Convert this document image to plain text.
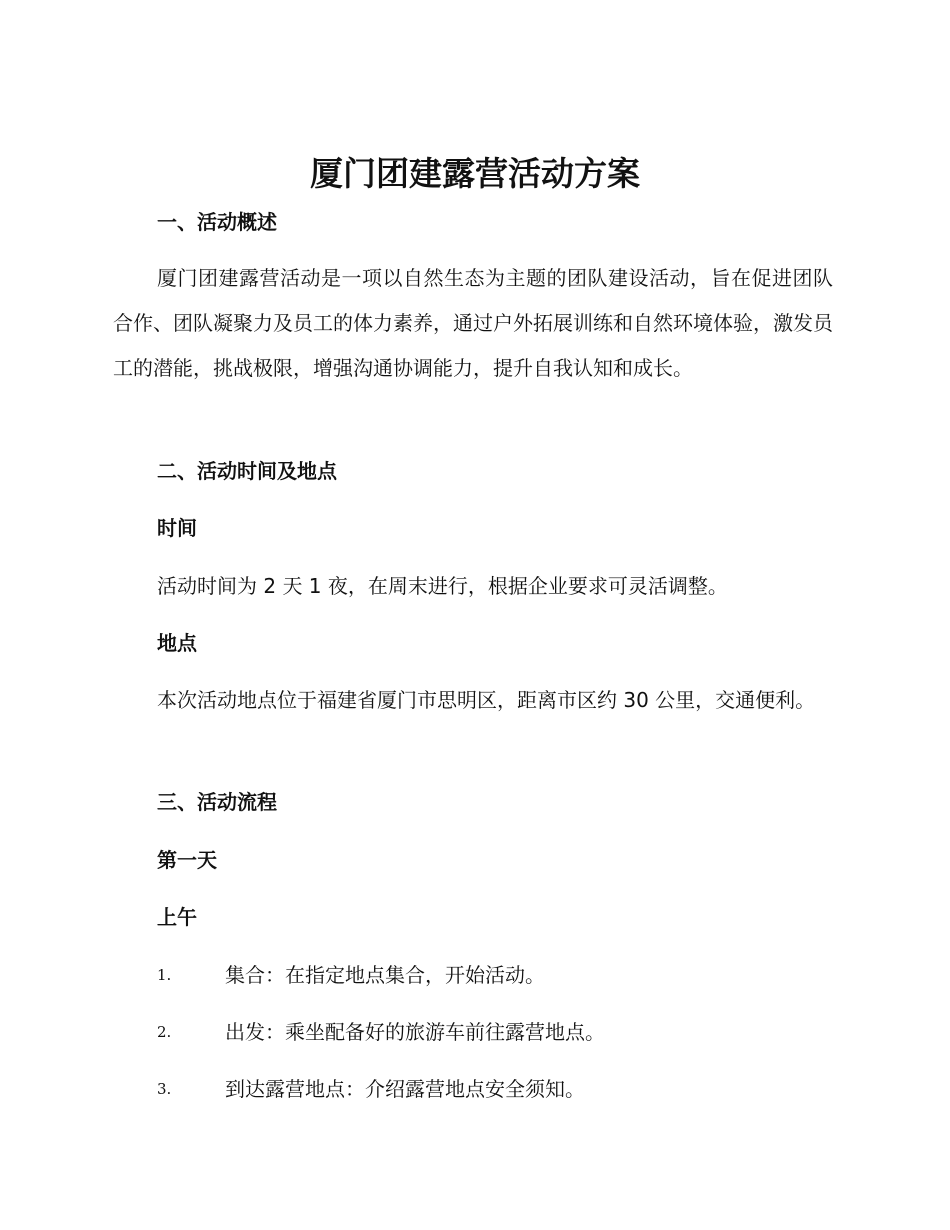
厦门团建露营活动方案
一、活动概述

厦门团建露营活动是一项以自然生态为主题的团队建设活动，旨在促进团队合作、团队凝聚力及员工的体力素养，通过户外拓展训练和自然环境体验，激发员工的潜能，挑战极限，增强沟通协调能力，提升自我认知和成长。

二、活动时间及地点
时间
活动时间为 2 天 1 夜，在周末进行，根据企业要求可灵活调整。
地点

本次活动地点位于福建省厦门市思明区，距离市区约 30 公里，交通便利。

三、活动流程
第一天
上午
1.	集合：在指定地点集合，开始活动。
2.	出发：乘坐配备好的旅游车前往露营地点。
3.	到达露营地点：介绍露营地点安全须知。
